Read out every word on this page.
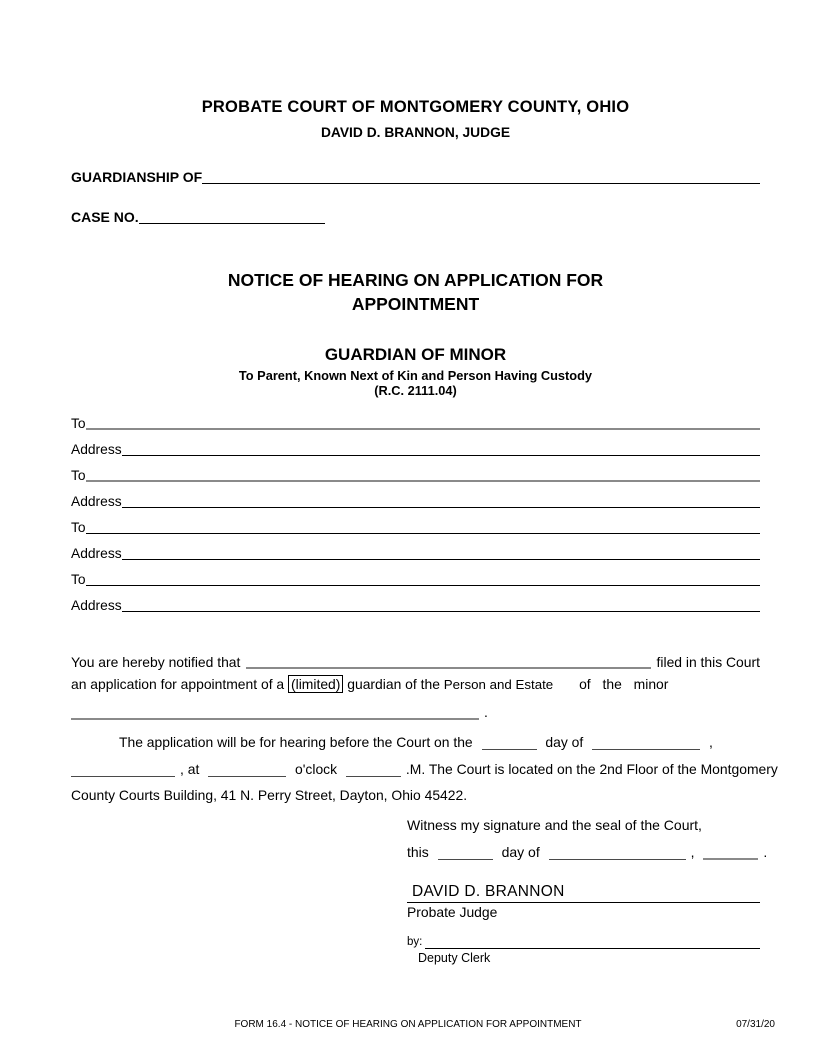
PROBATE COURT OF MONTGOMERY COUNTY, OHIO
DAVID D. BRANNON, JUDGE
GUARDIANSHIP OF
CASE NO.
NOTICE OF HEARING ON APPLICATION FOR
APPOINTMENT
GUARDIAN OF MINOR
To Parent, Known Next of Kin and Person Having Custody
(R.C. 2111.04)
To
Address
To
Address
To
Address
To
Address
You are hereby notified that	filed in this Court
an application for appointment of a (limited) guardian of the Person and Estate of the minor
.
The application will be for hearing before the Court on the	day of	,
, at	o'clock	.M. The Court is located on the 2nd Floor of the Montgomery
County Courts Building, 41 N. Perry Street, Dayton, Ohio 45422.
Witness my signature and the seal of the Court,
this	day of	,	.
DAVID D. BRANNON
Probate Judge
by:
Deputy Clerk
FORM 16.4 - NOTICE OF HEARING ON APPLICATION FOR APPOINTMENT	07/31/20
